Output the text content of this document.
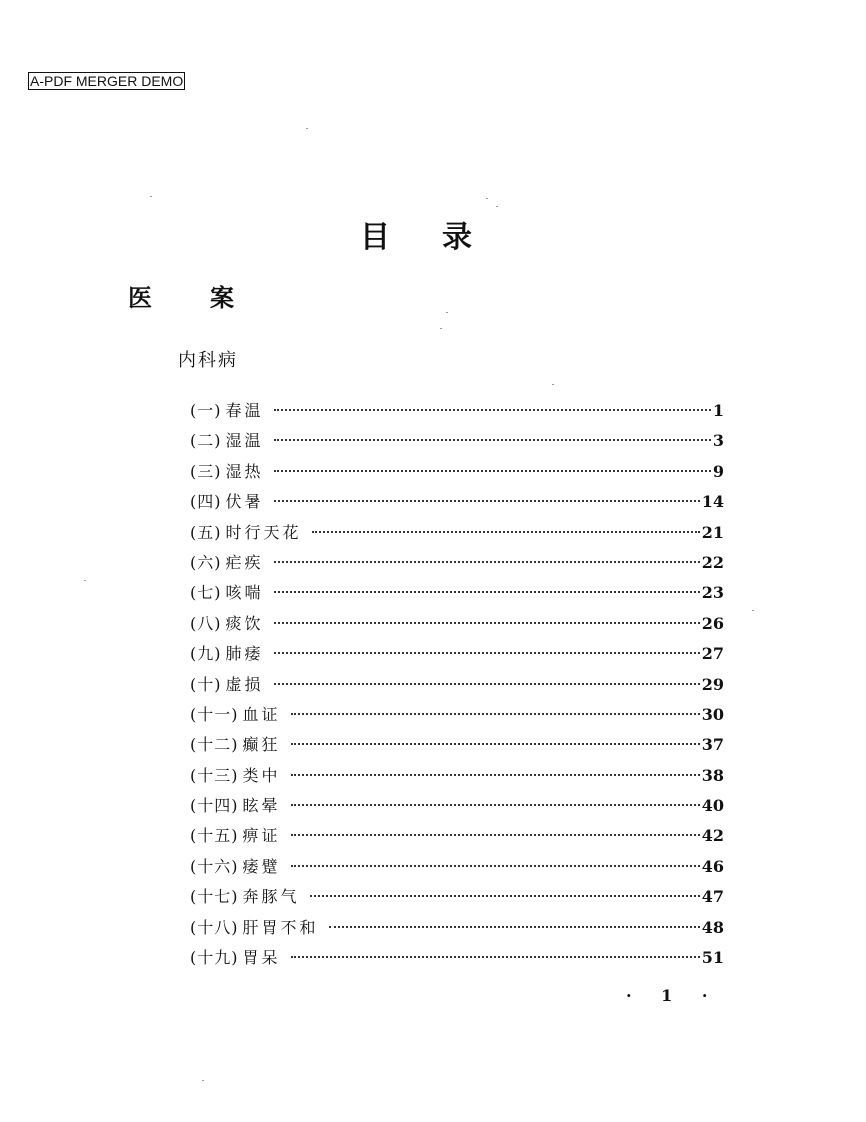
A-PDF MERGER DEMO
目录
医案
内科病
(一) 春温	1
(二) 湿温	3
(三) 湿热	9
(四) 伏暑	14
(五) 时行天花	21
(六) 疟疾	22
(七) 咳喘	23
(八) 痰饮	26
(九) 肺痿	27
(十) 虚损	29
(十一) 血证	30
(十二) 癫狂	37
(十三) 类中	38
(十四) 眩晕	40
(十五) 痹证	42
(十六) 痿躄	46
(十七) 奔豚气	47
(十八) 肝胃不和	48
(十九) 胃呆	51
· 1 ·
